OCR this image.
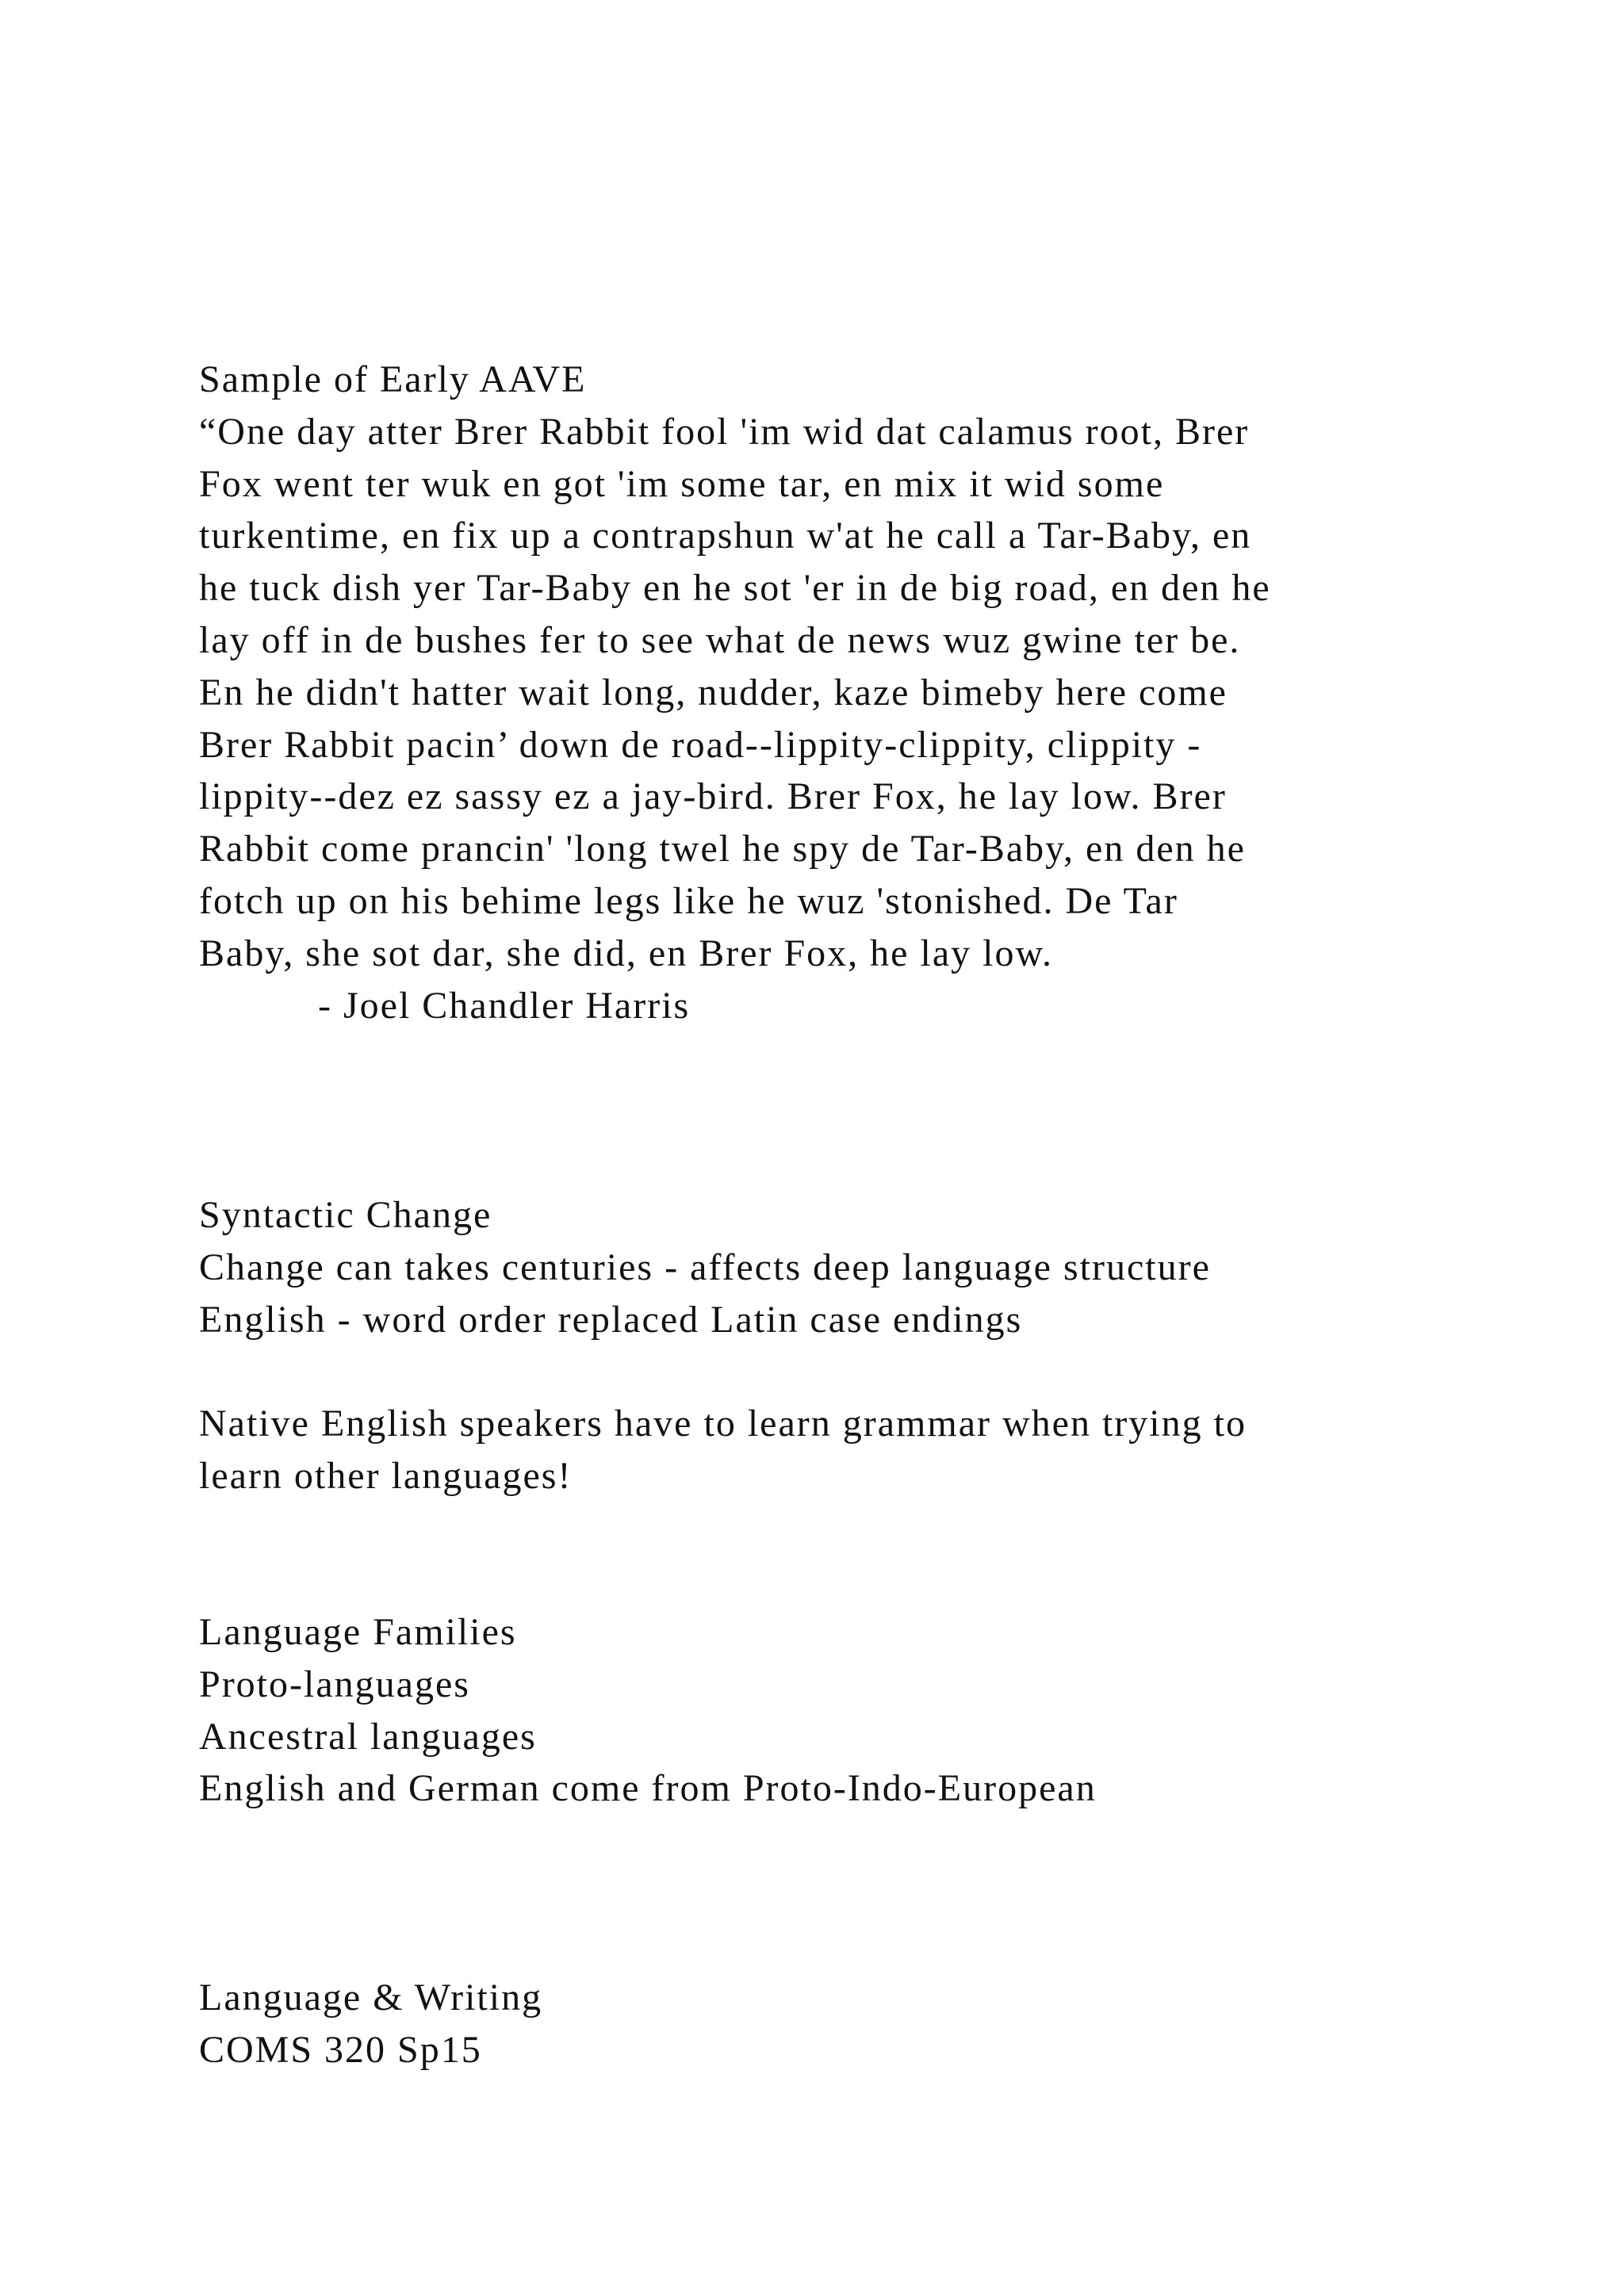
Sample of Early AAVE
“One day atter Brer Rabbit fool 'im wid dat calamus root, Brer
Fox went ter wuk en got 'im some tar, en mix it wid some
turkentime, en fix up a contrapshun w'at he call a Tar-Baby, en
he tuck dish yer Tar-Baby en he sot 'er in de big road, en den he
lay off in de bushes fer to see what de news wuz gwine ter be.
En he didn't hatter wait long, nudder, kaze bimeby here come
Brer Rabbit pacin’ down de road--lippity-clippity, clippity -
lippity--dez ez sassy ez a jay-bird. Brer Fox, he lay low. Brer
Rabbit come prancin' 'long twel he spy de Tar-Baby, en den he
fotch up on his behime legs like he wuz 'stonished. De Tar
Baby, she sot dar, she did, en Brer Fox, he lay low.
- Joel Chandler Harris
Syntactic Change
Change can takes centuries - affects deep language structure
English - word order replaced Latin case endings
Native English speakers have to learn grammar when trying to
learn other languages!
Language Families
Proto-languages
Ancestral languages
English and German come from Proto-Indo-European
Language & Writing
COMS 320 Sp15
